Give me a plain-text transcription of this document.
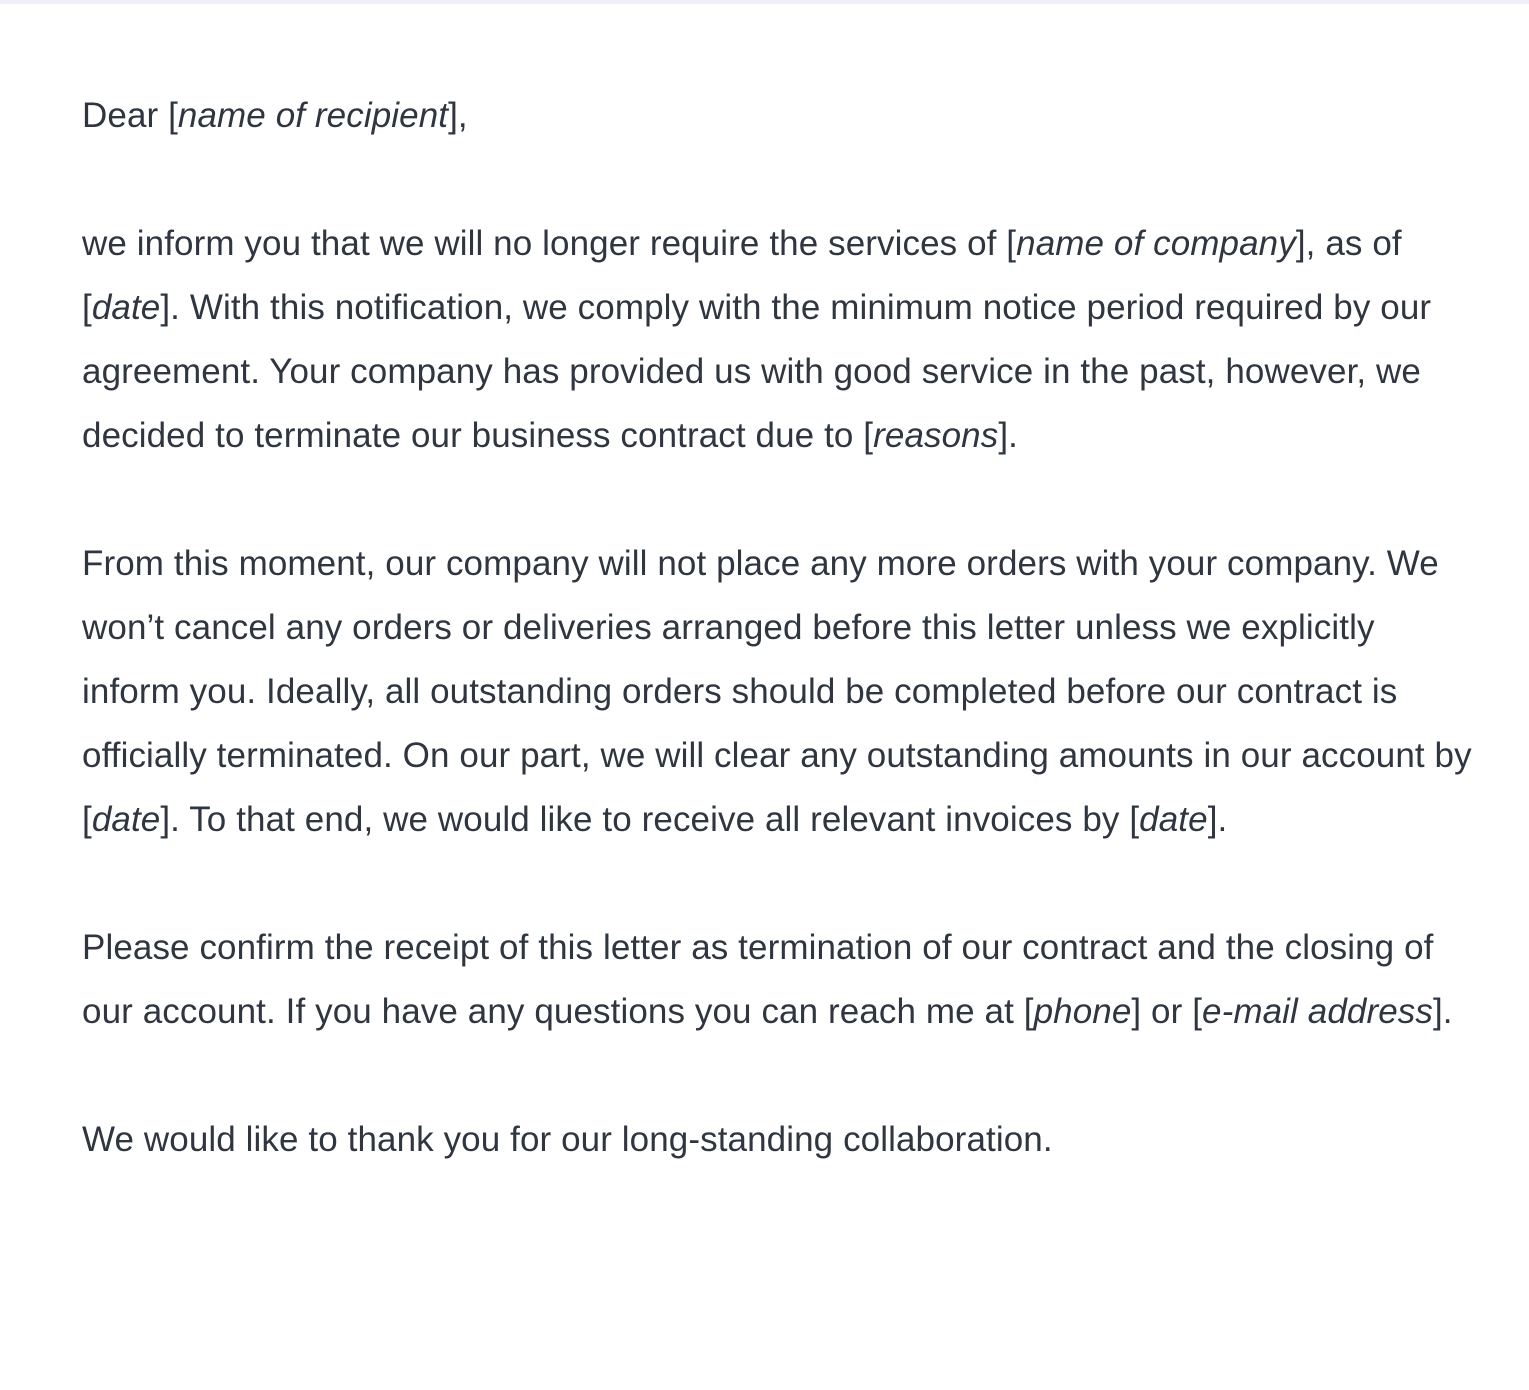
Dear [name of recipient],

we inform you that we will no longer require the services of [name of company], as of [date]. With this notification, we comply with the minimum notice period required by our agreement. Your company has provided us with good service in the past, however, we decided to terminate our business contract due to [reasons].

From this moment, our company will not place any more orders with your company. We won’t cancel any orders or deliveries arranged before this letter unless we explicitly inform you. Ideally, all outstanding orders should be completed before our contract is officially terminated. On our part, we will clear any outstanding amounts in our account by [date]. To that end, we would like to receive all relevant invoices by [date].

Please confirm the receipt of this letter as termination of our contract and the closing of our account. If you have any questions you can reach me at [phone] or [e-mail address].

We would like to thank you for our long-standing collaboration.
